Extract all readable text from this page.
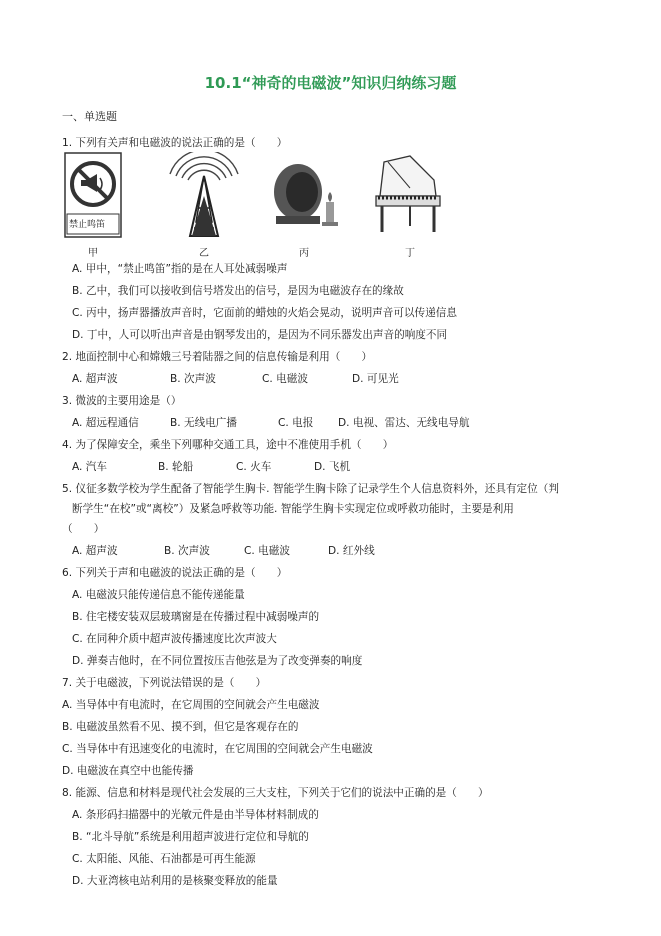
10.1“神奇的电磁波”知识归纳练习题
一、单选题
1. 下列有关声和电磁波的说法正确的是（　　）
禁止鸣笛
甲	乙	丙	丁
A. 甲中，“禁止鸣笛”指的是在人耳处减弱噪声
B. 乙中，我们可以接收到信号塔发出的信号，是因为电磁波存在的缘故
C. 丙中，扬声器播放声音时，它面前的蜡烛的火焰会晃动，说明声音可以传递信息
D. 丁中，人可以听出声音是由钢琴发出的，是因为不同乐器发出声音的响度不同
2. 地面控制中心和嫦娥三号着陆器之间的信息传输是利用（　　）
A. 超声波	B. 次声波	C. 电磁波	D. 可见光
3. 微波的主要用途是（）
A. 超远程通信	B. 无线电广播	C. 电报 D. 电视、雷达、无线电导航
4. 为了保障安全，乘坐下列哪种交通工具，途中不准使用手机（　　）
A. 汽车	B. 轮船	C. 火车	D. 飞机
5. 仪征多数学校为学生配备了智能学生胸卡. 智能学生胸卡除了记录学生个人信息资料外，还具有定位（判
断学生“在校”或“离校”）及紧急呼救等功能. 智能学生胸卡实现定位或呼救功能时，主要是利用
（　　）
A. 超声波	B. 次声波	C. 电磁波	D. 红外线
6. 下列关于声和电磁波的说法正确的是（　　）
A. 电磁波只能传递信息不能传递能量
B. 住宅楼安装双层玻璃窗是在传播过程中减弱噪声的
C. 在同种介质中超声波传播速度比次声波大
D. 弹奏吉他时，在不同位置按压吉他弦是为了改变弹奏的响度
7. 关于电磁波，下列说法错误的是（　　）
A. 当导体中有电流时，在它周围的空间就会产生电磁波
B. 电磁波虽然看不见、摸不到，但它是客观存在的
C. 当导体中有迅速变化的电流时，在它周围的空间就会产生电磁波
D. 电磁波在真空中也能传播
8. 能源、信息和材料是现代社会发展的三大支柱，下列关于它们的说法中正确的是（　　）
A. 条形码扫描器中的光敏元件是由半导体材料制成的
B. “北斗导航”系统是利用超声波进行定位和导航的
C. 太阳能、风能、石油都是可再生能源
D. 大亚湾核电站利用的是核聚变释放的能量
